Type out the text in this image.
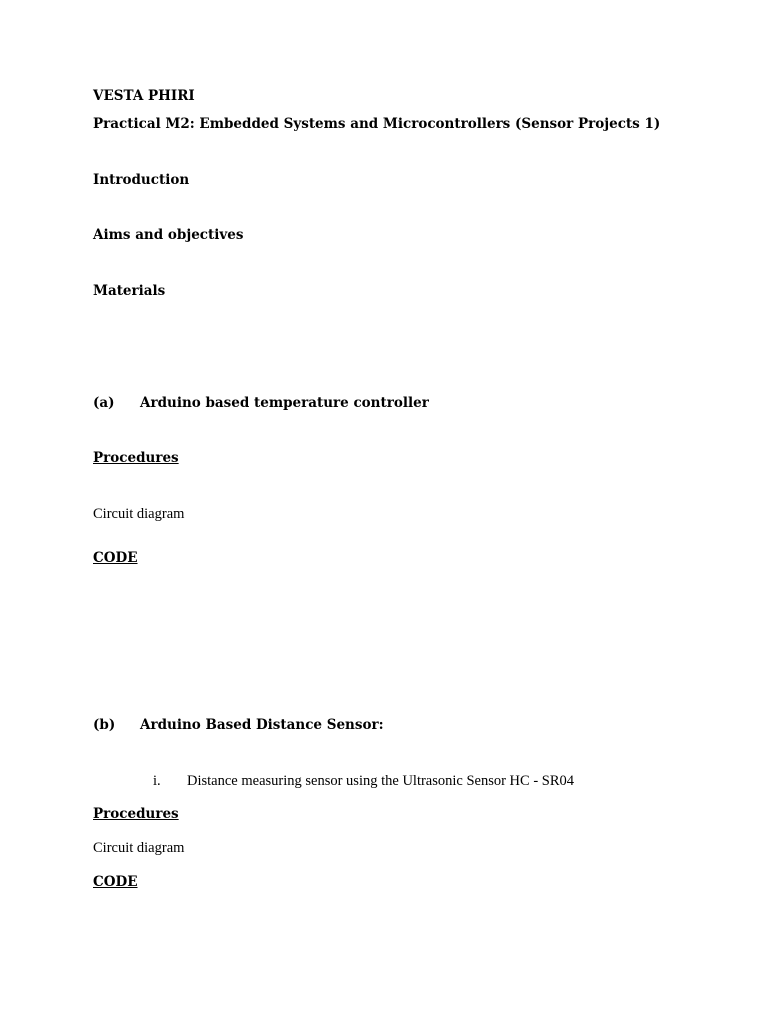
VESTA PHIRI
Practical M2: Embedded Systems and Microcontrollers (Sensor Projects 1)
Introduction
Aims and objectives
Materials
(a) Arduino based temperature controller
Procedures
Circuit diagram
CODE
(b) Arduino Based Distance Sensor:
i. Distance measuring sensor using the Ultrasonic Sensor HC - SR04
Procedures
Circuit diagram
CODE
